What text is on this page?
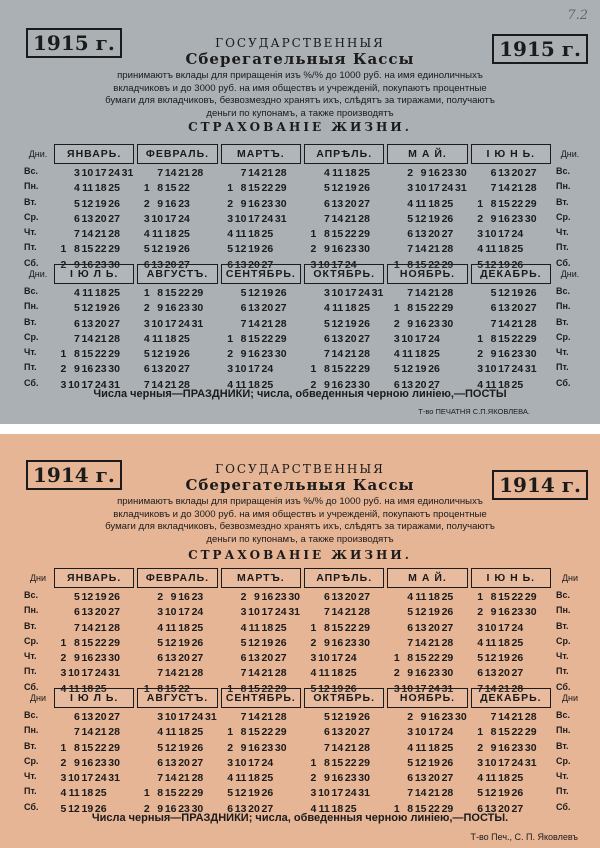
7.2
1915 г.	1915 г.
ГОСУДАРСТВЕННЫЯ
Сберегательныя Кассы
принимаютъ вклады для приращенія изъ %/% до 1000 руб. на имя единоличныхъ
вкладчиковъ и до 3000 руб. на имя обществъ и учрежденій, покупаютъ процентные
бумаги для вкладчиковъ, безвозмездно хранятъ ихъ, слѣдятъ за тиражами, получаютъ
деньги по купонамъ, а также производятъ
СТРАХОВАНІЕ ЖИЗНИ.
Дни.
Вс.
Пн.
Вт.
Ср.
Чт.
Пт.
Сб.
Дни.
Вс.
Пн.
Вт.
Ср.
Чт.
Пт.
Сб.
ЯНВАРЬ.
3 10 17 24 31
4 11 18 25
5 12 19 26
6 13 20 27
7 14 21 28
1 8 15 22 29
2 9 16 23 30
ФЕВРАЛЬ.
7 14 21 28
1 8 15 22
2 9 16 23
3 10 17 24
4 11 18 25
5 12 19 26
6 13 20 27
МАРТЪ.
7 14 21 28
1 8 15 22 29
2 9 16 23 30
3 10 17 24 31
4 11 18 25
5 12 19 26
6 13 20 27
АПРѢЛЬ.
4 11 18 25
5 12 19 26
6 13 20 27
7 14 21 28
1 8 15 22 29
2 9 16 23 30
3 10 17 24
М А Й.
2 9 16 23 30
3 10 17 24 31
4 11 18 25
5 12 19 26
6 13 20 27
7 14 21 28
1 8 15 22 29
І Ю Н Ь.
6 13 20 27
7 14 21 28
1 8 15 22 29
2 9 16 23 30
3 10 17 24
4 11 18 25
5 12 19 26
Дни.
Вс.
Пн.
Вт.
Ср.
Чт.
Пт.
Сб.
Дни.
Вс.
Пн.
Вт.
Ср.
Чт.
Пт.
Сб.
І Ю Л Ь.
4 11 18 25
5 12 19 26
6 13 20 27
7 14 21 28
1 8 15 22 29
2 9 16 23 30
3 10 17 24 31
АВГУСТЪ.
1 8 15 22 29
2 9 16 23 30
3 10 17 24 31
4 11 18 25
5 12 19 26
6 13 20 27
7 14 21 28
СЕНТЯБРЬ.
5 12 19 26
6 13 20 27
7 14 21 28
1 8 15 22 29
2 9 16 23 30
3 10 17 24
4 11 18 25
ОКТЯБРЬ.
3 10 17 24 31
4 11 18 25
5 12 19 26
6 13 20 27
7 14 21 28
1 8 15 22 29
2 9 16 23 30
НОЯБРЬ.
7 14 21 28
1 8 15 22 29
2 9 16 23 30
3 10 17 24
4 11 18 25
5 12 19 26
6 13 20 27
ДЕКАБРЬ.
5 12 19 26
6 13 20 27
7 14 21 28
1 8 15 22 29
2 9 16 23 30
3 10 17 24 31
4 11 18 25
Числа черныя—ПРАЗДНИКИ; числа, обведенныя черною линіею,—ПОСТЫ
Т-во ПЕЧАТНЯ С.П.ЯКОВЛЕВА.
1914 г.	1914 г.
ГОСУДАРСТВЕННЫЯ
Сберегательныя Кассы
принимаютъ вклады для приращенія изъ %/% до 1000 руб. на имя единоличныхъ
вкладчиковъ и до 3000 руб. на имя обществъ и учрежденій, покупаютъ процентные
бумаги для вкладчиковъ, безвозмездно хранятъ ихъ, слѣдятъ за тиражами, получаютъ
деньги по купонамъ, а также производятъ
СТРАХОВАНІЕ ЖИЗНИ.
Дни
Вс.
Пн.
Вт.
Ср.
Чт.
Пт.
Сб.
Дни
Вс.
Пн.
Вт.
Ср.
Чт.
Пт.
Сб.
ЯНВАРЬ.
5 12 19 26
6 13 20 27
7 14 21 28
1 8 15 22 29
2 9 16 23 30
3 10 17 24 31
4 11 18 25
ФЕВРАЛЬ.
2 9 16 23
3 10 17 24
4 11 18 25
5 12 19 26
6 13 20 27
7 14 21 28
1 8 15 22
МАРТЪ.
2 9 16 23 30
3 10 17 24 31
4 11 18 25
5 12 19 26
6 13 20 27
7 14 21 28
1 8 15 22 29
АПРѢЛЬ.
6 13 20 27
7 14 21 28
1 8 15 22 29
2 9 16 23 30
3 10 17 24
4 11 18 25
5 12 19 26
М А Й.
4 11 18 25
5 12 19 26
6 13 20 27
7 14 21 28
1 8 15 22 29
2 9 16 23 30
3 10 17 24 31
І Ю Н Ь.
1 8 15 22 29
2 9 16 23 30
3 10 17 24
4 11 18 25
5 12 19 26
6 13 20 27
7 14 21 28
Дни
Вс.
Пн.
Вт.
Ср.
Чт.
Пт.
Сб.
Дни
Вс.
Пн.
Вт.
Ср.
Чт.
Пт.
Сб.
І Ю Л Ь.
6 13 20 27
7 14 21 28
1 8 15 22 29
2 9 16 23 30
3 10 17 24 31
4 11 18 25
5 12 19 26
АВГУСТЪ.
3 10 17 24 31
4 11 18 25
5 12 19 26
6 13 20 27
7 14 21 28
1 8 15 22 29
2 9 16 23 30
СЕНТЯБРЬ.
7 14 21 28
1 8 15 22 29
2 9 16 23 30
3 10 17 24
4 11 18 25
5 12 19 26
6 13 20 27
ОКТЯБРЬ.
5 12 19 26
6 13 20 27
7 14 21 28
1 8 15 22 29
2 9 16 23 30
3 10 17 24 31
4 11 18 25
НОЯБРЬ.
2 9 16 23 30
3 10 17 24
4 11 18 25
5 12 19 26
6 13 20 27
7 14 21 28
1 8 15 22 29
ДЕКАБРЬ.
7 14 21 28
1 8 15 22 29
2 9 16 23 30
3 10 17 24 31
4 11 18 25
5 12 19 26
6 13 20 27
Числа черныя—ПРАЗДНИКИ; числа, обведенныя черною линіею,—ПОСТЫ.
Т-во Печ., С. П. Яковлевъ
